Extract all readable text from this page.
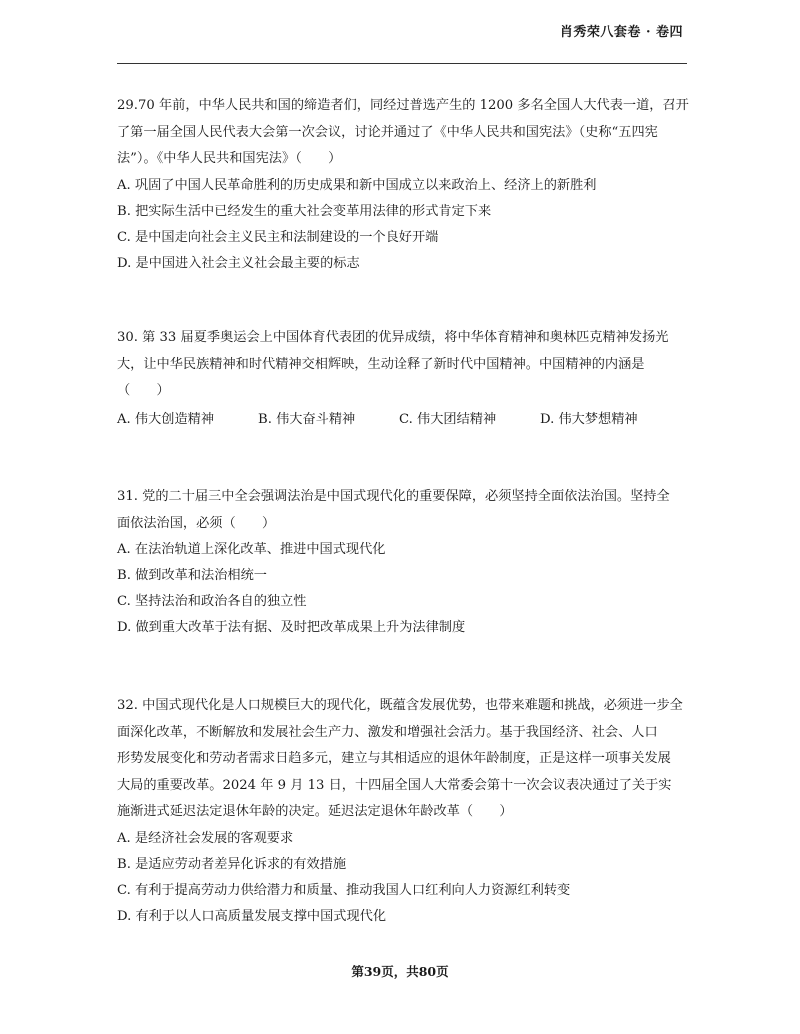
肖秀荣八套卷 · 卷四

29.70 年前，中华人民共和国的缔造者们，同经过普选产生的 1200 多名全国人大代表一道，召开

了第一届全国人民代表大会第一次会议，讨论并通过了《中华人民共和国宪法》（史称“五四宪

法”）。《中华人民共和国宪法》（　　）

A. 巩固了中国人民革命胜利的历史成果和新中国成立以来政治上、经济上的新胜利

B. 把实际生活中已经发生的重大社会变革用法律的形式肯定下来

C. 是中国走向社会主义民主和法制建设的一个良好开端

D. 是中国进入社会主义社会最主要的标志

30. 第 33 届夏季奥运会上中国体育代表团的优异成绩，将中华体育精神和奥林匹克精神发扬光

大，让中华民族精神和时代精神交相辉映，生动诠释了新时代中国精神。中国精神的内涵是

（　　）

A. 伟大创造精神	B. 伟大奋斗精神	C. 伟大团结精神	D. 伟大梦想精神

31. 党的二十届三中全会强调法治是中国式现代化的重要保障，必须坚持全面依法治国。坚持全

面依法治国，必须（　　）

A. 在法治轨道上深化改革、推进中国式现代化

B. 做到改革和法治相统一

C. 坚持法治和政治各自的独立性

D. 做到重大改革于法有据、及时把改革成果上升为法律制度

32. 中国式现代化是人口规模巨大的现代化，既蕴含发展优势，也带来难题和挑战，必须进一步全

面深化改革，不断解放和发展社会生产力、激发和增强社会活力。基于我国经济、社会、人口

形势发展变化和劳动者需求日趋多元，建立与其相适应的退休年龄制度，正是这样一项事关发展

大局的重要改革。2024 年 9 月 13 日，十四届全国人大常委会第十一次会议表决通过了关于实

施渐进式延迟法定退休年龄的决定。延迟法定退休年龄改革（　　）

A. 是经济社会发展的客观要求

B. 是适应劳动者差异化诉求的有效措施

C. 有利于提高劳动力供给潜力和质量、推动我国人口红利向人力资源红利转变

D. 有利于以人口高质量发展支撑中国式现代化

第39页，共80页
